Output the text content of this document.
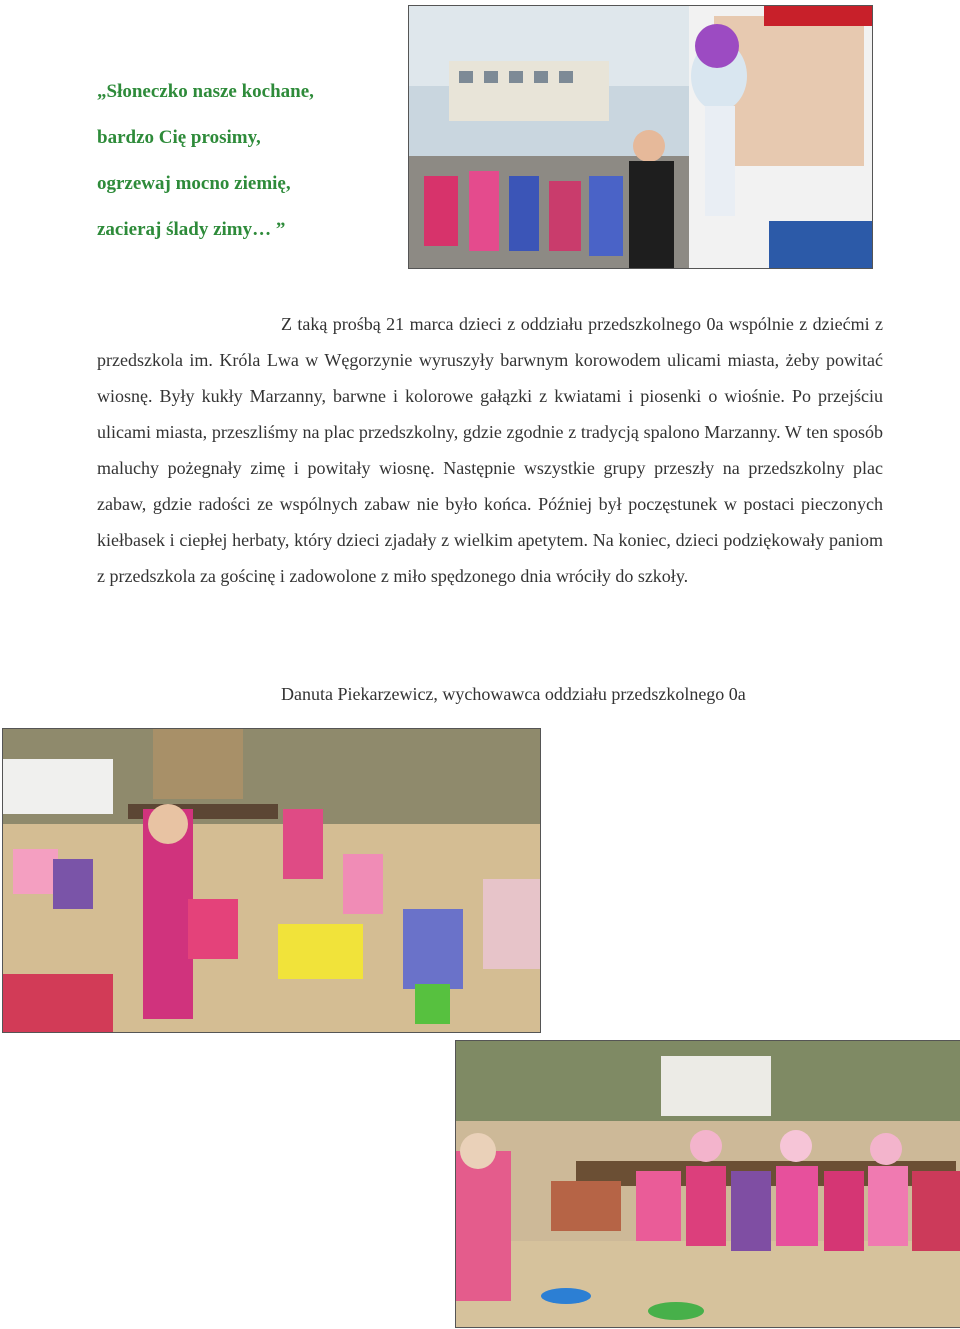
„Słoneczko nasze kochane,

bardzo Cię prosimy,

ogrzewaj mocno ziemię,

zacieraj ślady zimy… ”

Z taką prośbą 21 marca dzieci z oddziału przedszkolnego 0a wspólnie z dziećmi z przedszkola im. Króla Lwa w Węgorzynie wyruszyły barwnym korowodem ulicami miasta, żeby powitać wiosnę. Były kukły Marzanny, barwne i kolorowe gałązki z kwiatami i piosenki o wiośnie. Po przejściu ulicami miasta, przeszliśmy na plac przedszkolny, gdzie zgodnie z tradycją spalono Marzanny. W ten sposób maluchy pożegnały zimę i powitały wiosnę. Następnie wszystkie grupy przeszły na przedszkolny plac zabaw, gdzie radości ze wspólnych zabaw nie było końca. Później był poczęstunek w postaci pieczonych kiełbasek i ciepłej herbaty, który dzieci zjadały z wielkim apetytem. Na koniec, dzieci podziękowały paniom z przedszkola za gościnę i zadowolone z miło spędzonego dnia wróciły do szkoły.

Danuta Piekarzewicz, wychowawca oddziału przedszkolnego 0a
